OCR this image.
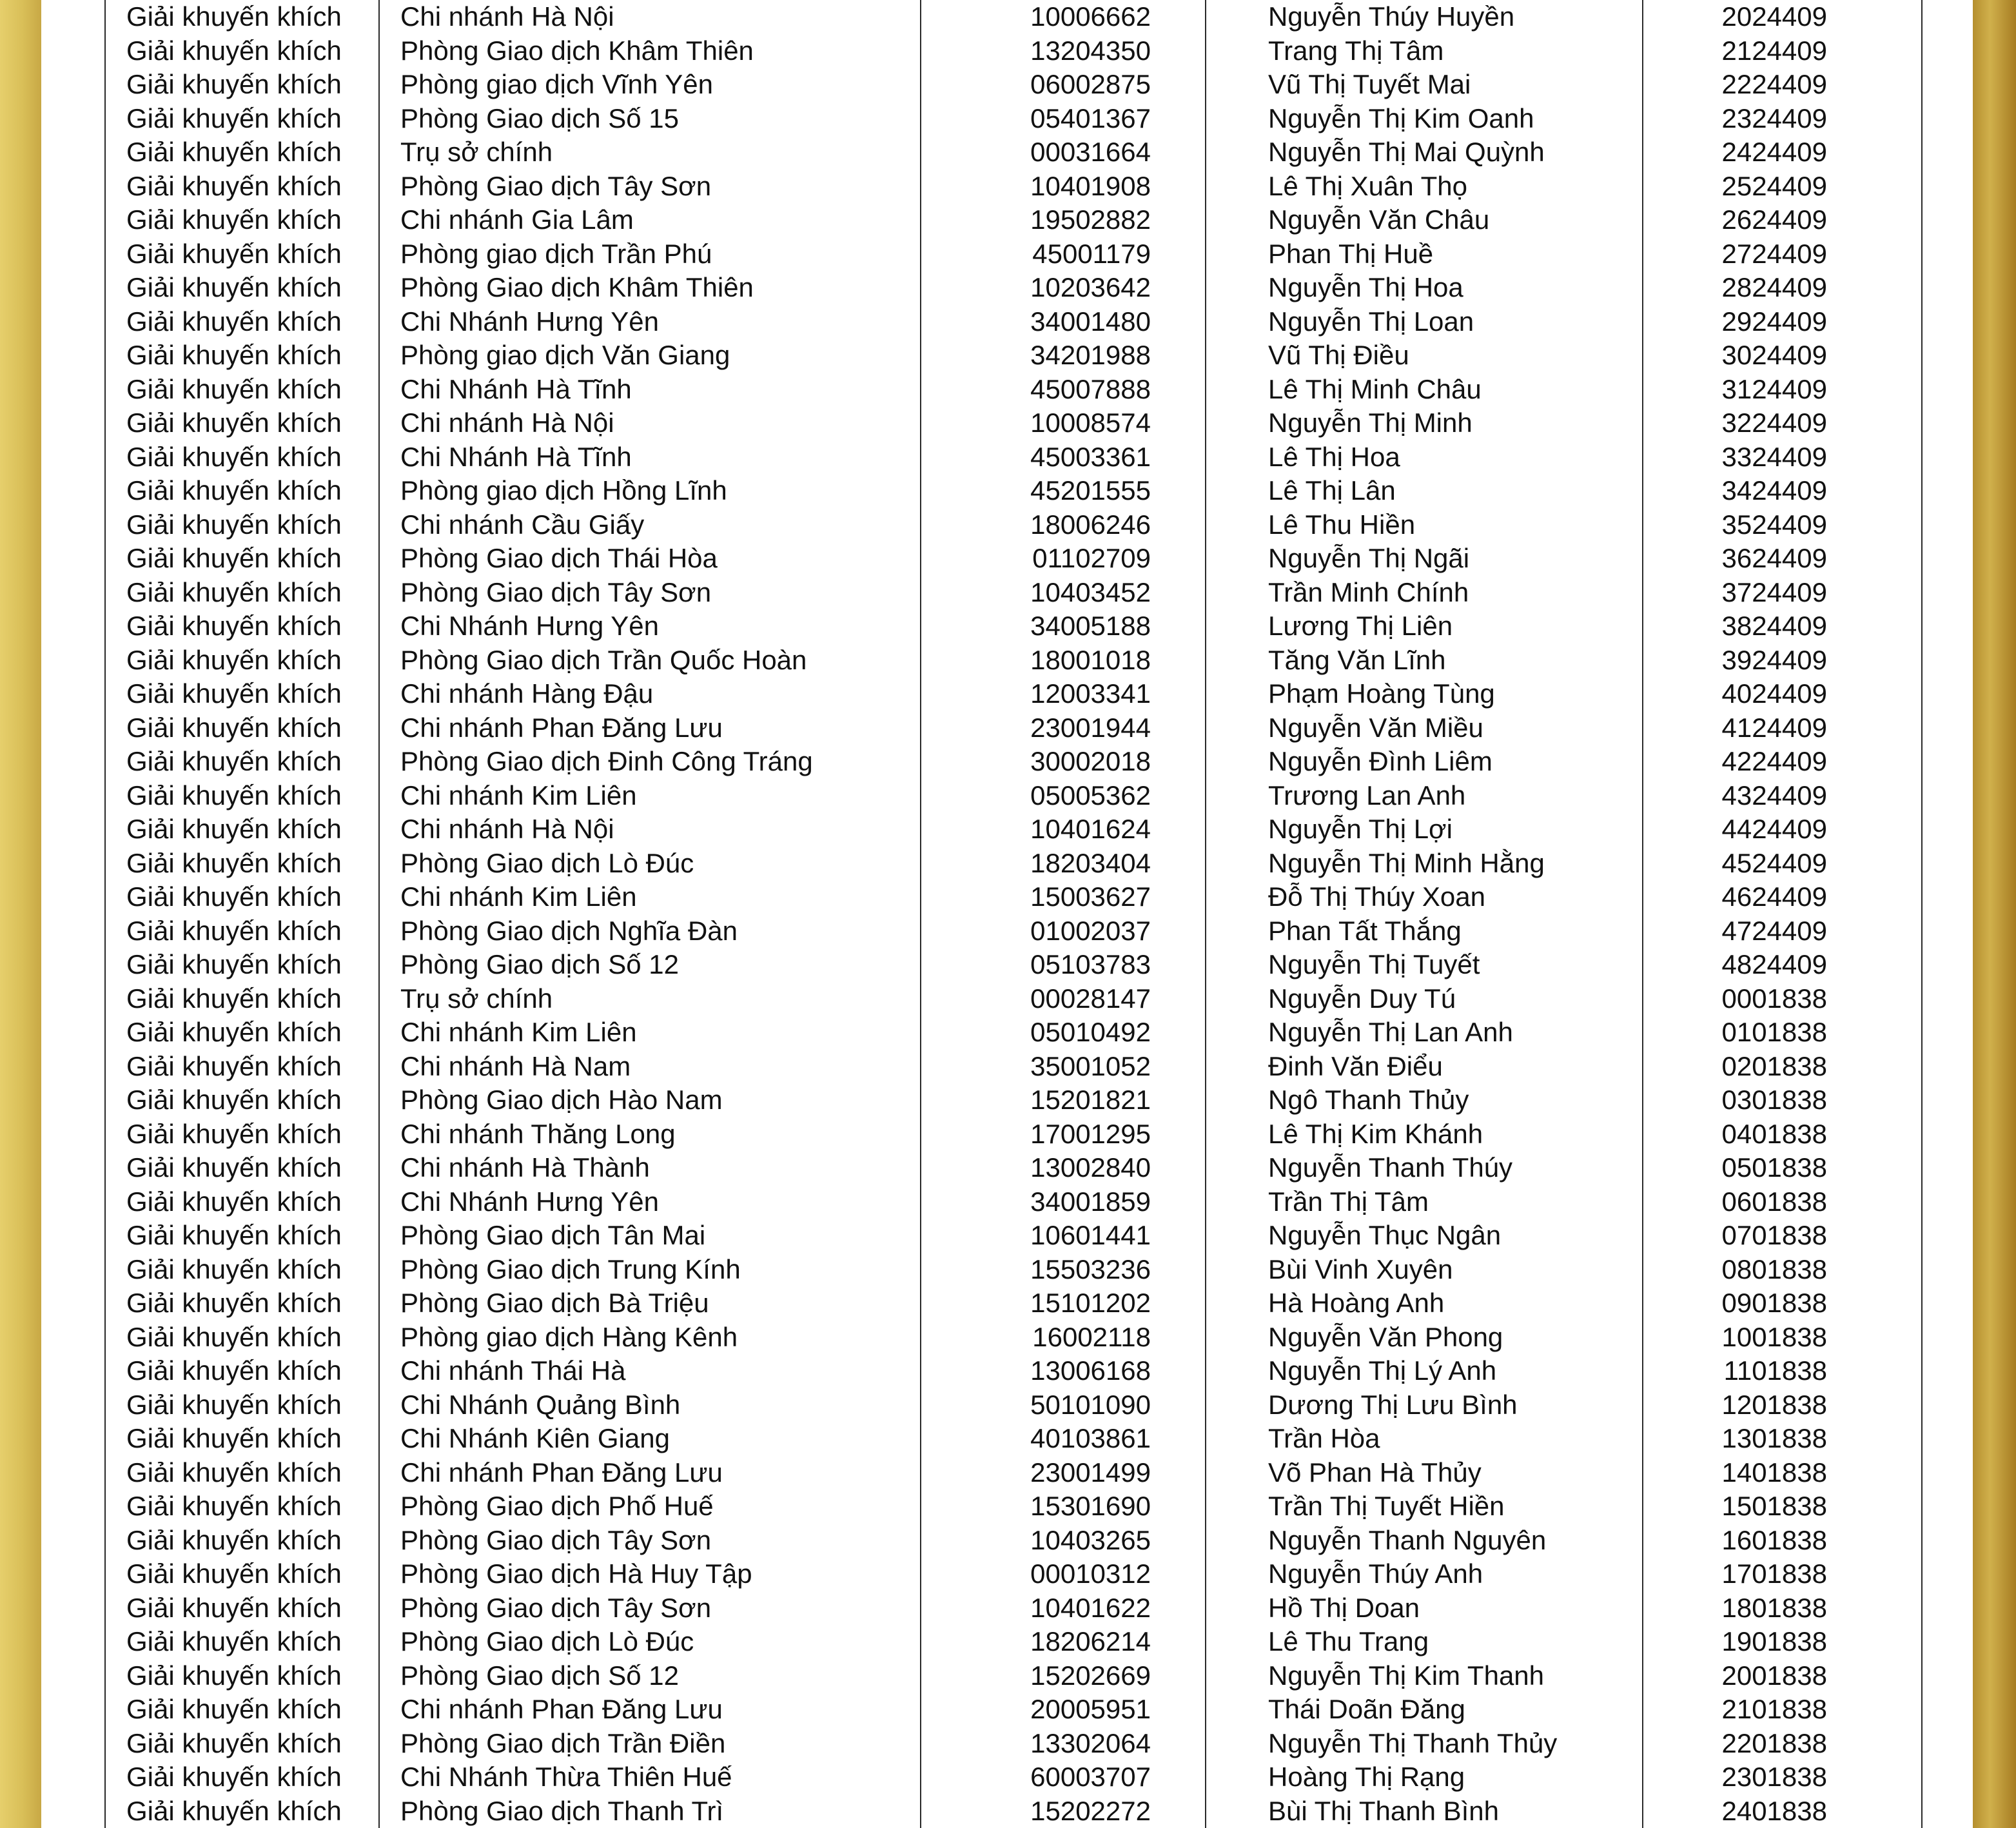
Giải khuyến khích	Chi nhánh Hà Nội	10006662	Nguyễn Thúy Huyền	2024409
Giải khuyến khích	Phòng Giao dịch Khâm Thiên	13204350	Trang Thị Tâm	2124409
Giải khuyến khích	Phòng giao dịch Vĩnh Yên	06002875	Vũ Thị Tuyết Mai	2224409
Giải khuyến khích	Phòng Giao dịch Số 15	05401367	Nguyễn Thị Kim Oanh	2324409
Giải khuyến khích	Trụ sở chính	00031664	Nguyễn Thị Mai Quỳnh	2424409
Giải khuyến khích	Phòng Giao dịch Tây Sơn	10401908	Lê Thị Xuân Thọ	2524409
Giải khuyến khích	Chi nhánh Gia Lâm	19502882	Nguyễn Văn Châu	2624409
Giải khuyến khích	Phòng giao dịch Trần Phú	45001179	Phan Thị Huề	2724409
Giải khuyến khích	Phòng Giao dịch Khâm Thiên	10203642	Nguyễn Thị Hoa	2824409
Giải khuyến khích	Chi Nhánh Hưng Yên	34001480	Nguyễn Thị Loan	2924409
Giải khuyến khích	Phòng giao dịch Văn Giang	34201988	Vũ Thị Điều	3024409
Giải khuyến khích	Chi Nhánh Hà Tĩnh	45007888	Lê Thị Minh Châu	3124409
Giải khuyến khích	Chi nhánh Hà Nội	10008574	Nguyễn Thị Minh	3224409
Giải khuyến khích	Chi Nhánh Hà Tĩnh	45003361	Lê Thị Hoa	3324409
Giải khuyến khích	Phòng giao dịch Hồng Lĩnh	45201555	Lê Thị Lân	3424409
Giải khuyến khích	Chi nhánh Cầu Giấy	18006246	Lê Thu Hiền	3524409
Giải khuyến khích	Phòng Giao dịch Thái Hòa	01102709	Nguyễn Thị Ngãi	3624409
Giải khuyến khích	Phòng Giao dịch Tây Sơn	10403452	Trần Minh Chính	3724409
Giải khuyến khích	Chi Nhánh Hưng Yên	34005188	Lương Thị Liên	3824409
Giải khuyến khích	Phòng Giao dịch Trần Quốc Hoàn	18001018	Tăng Văn Lĩnh	3924409
Giải khuyến khích	Chi nhánh Hàng Đậu	12003341	Phạm Hoàng Tùng	4024409
Giải khuyến khích	Chi nhánh Phan Đăng Lưu	23001944	Nguyễn Văn Miều	4124409
Giải khuyến khích	Phòng Giao dịch Đinh Công Tráng	30002018	Nguyễn Đình Liêm	4224409
Giải khuyến khích	Chi nhánh Kim Liên	05005362	Trương Lan Anh	4324409
Giải khuyến khích	Chi nhánh Hà Nội	10401624	Nguyễn Thị Lợi	4424409
Giải khuyến khích	Phòng Giao dịch Lò Đúc	18203404	Nguyễn Thị Minh Hằng	4524409
Giải khuyến khích	Chi nhánh Kim Liên	15003627	Đỗ Thị Thúy Xoan	4624409
Giải khuyến khích	Phòng Giao dịch Nghĩa Đàn	01002037	Phan Tất Thắng	4724409
Giải khuyến khích	Phòng Giao dịch Số 12	05103783	Nguyễn Thị Tuyết	4824409
Giải khuyến khích	Trụ sở chính	00028147	Nguyễn Duy Tú	0001838
Giải khuyến khích	Chi nhánh Kim Liên	05010492	Nguyễn Thị Lan Anh	0101838
Giải khuyến khích	Chi nhánh Hà Nam	35001052	Đinh Văn Điểu	0201838
Giải khuyến khích	Phòng Giao dịch Hào Nam	15201821	Ngô Thanh Thủy	0301838
Giải khuyến khích	Chi nhánh Thăng Long	17001295	Lê Thị Kim Khánh	0401838
Giải khuyến khích	Chi nhánh Hà Thành	13002840	Nguyễn Thanh Thúy	0501838
Giải khuyến khích	Chi Nhánh Hưng Yên	34001859	Trần Thị Tâm	0601838
Giải khuyến khích	Phòng Giao dịch Tân Mai	10601441	Nguyễn Thục Ngân	0701838
Giải khuyến khích	Phòng Giao dịch Trung Kính	15503236	Bùi Vinh Xuyên	0801838
Giải khuyến khích	Phòng Giao dịch Bà Triệu	15101202	Hà Hoàng Anh	0901838
Giải khuyến khích	Phòng giao dịch Hàng Kênh	16002118	Nguyễn Văn Phong	1001838
Giải khuyến khích	Chi nhánh Thái Hà	13006168	Nguyễn Thị Lý Anh	1101838
Giải khuyến khích	Chi Nhánh Quảng Bình	50101090	Dương Thị Lưu Bình	1201838
Giải khuyến khích	Chi Nhánh Kiên Giang	40103861	Trần Hòa	1301838
Giải khuyến khích	Chi nhánh Phan Đăng Lưu	23001499	Võ Phan Hà Thủy	1401838
Giải khuyến khích	Phòng Giao dịch Phố Huế	15301690	Trần Thị Tuyết Hiền	1501838
Giải khuyến khích	Phòng Giao dịch Tây Sơn	10403265	Nguyễn Thanh Nguyên	1601838
Giải khuyến khích	Phòng Giao dịch Hà Huy Tập	00010312	Nguyễn Thúy Anh	1701838
Giải khuyến khích	Phòng Giao dịch Tây Sơn	10401622	Hồ Thị Doan	1801838
Giải khuyến khích	Phòng Giao dịch Lò Đúc	18206214	Lê Thu Trang	1901838
Giải khuyến khích	Phòng Giao dịch Số 12	15202669	Nguyễn Thị Kim Thanh	2001838
Giải khuyến khích	Chi nhánh Phan Đăng Lưu	20005951	Thái Doãn Đăng	2101838
Giải khuyến khích	Phòng Giao dịch Trần Điền	13302064	Nguyễn Thị Thanh Thủy	2201838
Giải khuyến khích	Chi Nhánh Thừa Thiên Huế	60003707	Hoàng Thị Rạng	2301838
Giải khuyến khích	Phòng Giao dịch Thanh Trì	15202272	Bùi Thị Thanh Bình	2401838
